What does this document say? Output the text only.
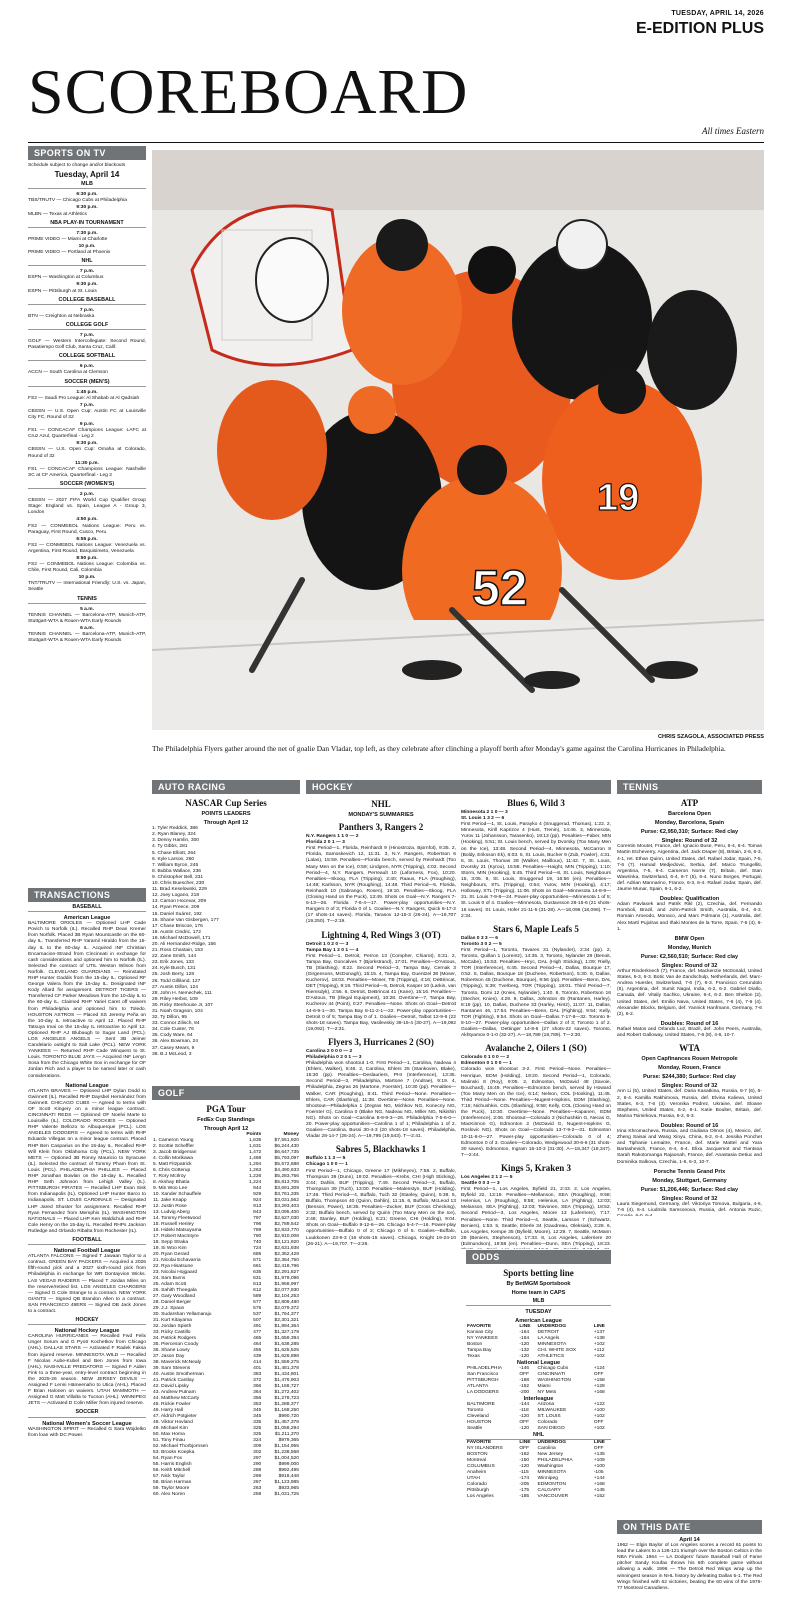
TUESDAY, APRIL 14, 2026
E-EDITION PLUS
SCOREBOARD
All times Eastern
52
19
CHRIS SZAGOLA, ASSOCIATED PRESS
The Philadelphia Flyers gather around the net of goalie Dan Vladar, top left, as they celebrate after clinching a playoff berth after Monday's game against the Carolina Hurricanes in Philadelphia.
SPORTS ON TV
Schedule subject to change and/or blackouts
Tuesday, April 14
MLB
6:30 p.m.
TBS/TRUTV — Chicago Cubs at Philadelphia
9:30 p.m.
MLBN — Texas at Athletics
NBA PLAY-IN TOURNAMENT
7:30 p.m.
PRIME VIDEO — Miami at Charlotte
10 p.m.
PRIME VIDEO — Portland at Phoenix
NHL
7 p.m.
ESPN — Washington at Columbus
9:30 p.m.
ESPN — Pittsburgh at St. Louis
COLLEGE BASEBALL
7 p.m.
BTN — Creighton at Nebraska
COLLEGE GOLF
7 p.m.
GOLF — Western Intercollegiate: Second Round, Pasatiempo Golf Club, Santa Cruz, Calif.
COLLEGE SOFTBALL
6 p.m.
ACCN — South Carolina at Clemson
SOCCER (MEN'S)
1:45 p.m.
FS2 — Saudi Pro League: Al Shabab at Al Qadsiah
7 p.m.
CBSSN — U.S. Open Cup: Austin FC at Louisville City FC, Round of 32
9 p.m.
FS1 — CONCACAF Champions League: LAFC at Cruz Azul, Quarterfinal - Leg 2
9:30 p.m.
CBSSN — U.S. Open Cup: Omaha at Colorado, Round of 32
11:30 p.m.
FS1 — CONCACAF Champions League: Nashville SC at CF America, Quarterfinal - Leg 2
SOCCER (WOMEN'S)
2 p.m.
CBSSN — 2027 FIFA World Cup Qualifier Group Stage: England vs. Spain, League A - Group 3, London
4:50 p.m.
FS2 — CONMEBOL Nations League: Peru vs. Paraguay, First Round, Cusco, Peru
6:55 p.m.
FS2 — CONMEBOL Nations League: Venezuela vs. Argentina, First Round, Barquisimeto, Venezuela
8:50 p.m.
FS2 — CONMEBOL Nations League: Colombia vs. Chile, First Round, Cali, Colombia
10 p.m.
TNT/TRUTV — International Friendly: U.S. vs. Japan, Seattle
TENNIS
5 a.m.
TENNIS CHANNEL — Barcelona-ATP, Munich-ATP, Stuttgart-WTA & Rouen-WTA Early Rounds
6 a.m.
TENNIS CHANNEL — Barcelona-ATP, Munich-ATP, Stuttgart-WTA & Rouen-WTA Early Rounds
TRANSACTIONS
BASEBALL
American League
BALTIMORE ORIOLES — Optioned LHP Cade Povich to Norfolk (IL). Recalled RHP Dean Kremer from Norfolk. Placed 3B Ryan Mountcastle on the 60-day IL. Transferred RHP Yaramil Hiraldo from the 15-day IL to the 60-day IL. Acquired INF Christian Encarnacion-Strand from Cincinnati in exchange for cash considerations and optioned him to Norfolk (IL). Selected the contract of UTIL Weston Wilson from Norfolk. CLEVELAND GUARDIANS — Reinstated RHP Hunter Gaddis from the 15-day IL. Optioned RF George Valera from the 15-day IL. Designated INF Kody Allard for assignment. DETROIT TIGERS — Transferred CF Parker Meadows from the 10-day IL to the 60-day IL. Claimed RHP Yariel Caret off waivers from Philadelphia and optioned him to Toledo. HOUSTON ASTROS — Placed SS Jeremy Peña on the 10-day IL retroactive to April 12. Placed RHP Tatsuya Imai on the 15-day IL retroactive to April 12. Optioned RHP AJ Blubaugh to Sugar Land (PCL). LOS ANGELES ANGELS — Sent 3B Jeimer Candelario outright to Salt Lake (PCL). NEW YORK YANKEES — Returned RHP Cade Winquest to St. Louis. TORONTO BLUE JAYS — Acquired INF Lenyn Sosa from the Chicago White Sox in exchange for OF Jordan Rich and a player to be named later or cash considerations.
National League
ATLANTA BRAVES — Optioned LHP Dylan Dodd to Gwinnett (IL). Recalled RHP Daysbel Hernández from Gwinnett. CHICAGO CUBS — Agreed to terms with OF Scott Kingery on a minor league contract. CINCINNATI REDS — Optioned OF Noelvi Marte to Louisville (IL). COLORADO ROCKIES — Optioned RHP Valente Bellozo to Albuquerque (PCL). LOS ANGELES DODGERS — Agreed to terms with RHP Eduardo Villegas on a minor league contract. Placed RHP Ben Casparius on the 15-day IL. Recalled RHP Will Klein from Oklahoma City (PCL). NEW YORK METS — Optioned 3B Ronny Mauricio to Syracuse (IL). Selected the contract of Tommy Pham from St. Louis (PCL). PHILADELPHIA PHILLIES — Placed RHP Jonathan Bowlan on the 15-day IL. Recalled RHP Seth Johnson from Lehigh Valley (IL). PITTSBURGH PIRATES — Recalled LHP Evan Sisk from Indianapolis (IL). Optioned LHP Hunter Barco to Indianapolis. ST. LOUIS CARDINALS — Designated LHP Jared Shuster for assignment. Recalled RHP Ryan Fernandez from Memphis (IL). WASHINGTON NATIONALS — Placed LHP Ken Waldichuk and RHP Cole Henry on the 15-day IL. Recalled RHPs Jackson Rutledge and Orlando Ribalta from Rochester (IL).
FOOTBALL
National Football League
ATLANTA FALCONS — Signed T Jawaan Taylor to a contract. GREEN BAY PACKERS — Acquired a 2026 fifth-round pick and a 2027 sixth-round pick from Philadelphia in exchange for WR Dontayvion Wicks. LAS VEGAS RAIDERS — Placed T Jordan Miles on the reserve/retired list. LOS ANGELES CHARGERS — Signed G Cole Strange to a contract. NEW YORK GIANTS — Signed QB Brandon Allen to a contract. SAN FRANCISCO 49ERS — Signed DB Jack Jones to a contract.
HOCKEY
National Hockey League
CAROLINA HURRICANES — Recalled Fwd Felix Unger Sorum and G Pyotr Kochetkov from Chicago (AHL). DALLAS STARS — Activated F Radek Faksa from injured reserve. MINNESOTA WILD — Recalled F Nicolas Aube-Kubel and Ben Jones from Iowa (AHL). NASHVILLE PREDATORS — Signed F Aiden Fink to a three-year, entry-level contract beginning in the 2025-26 season. NEW JERSEY DEVILS — Assigned F Lenni Hämeenaho to Utica (AHL). Placed F Brian Halonen on waivers. UTAH MAMMOTH — Assigned G Matt Villalta to Tucson (AHL). WINNIPEG JETS — Activated D Colin Miller from injured reserve.
SOCCER
National Women's Soccer League
WASHINGTON SPIRIT — Recalled G Sara Wojdelko from loan with DC Power.
AUTO RACING
NASCAR Cup Series
POINTS LEADERS
Through April 12
1. Tyler Reddick, 386
2. Ryan Blaney, 324
3. Denny Hamlin, 300
4. Ty Gibbs, 281
5. Chase Elliott, 264
6. Kyle Larson, 260
7. William Byron, 245
8. Bubba Wallace, 236
9. Christopher Bell, 231
10. Chris Buescher, 230
11. Brad Keselowski, 229
12. Joey Logano, 218
13. Carson Hocevar, 209
14. Ryan Preece, 209
15. Daniel Suárez, 192
16. Shane Van Gisbergen, 177
17. Chase Briscoe, 176
18. Austin Cindric, 172
19. Michael McDowell, 171
20. Ali Hernandez-Ridge, 156
21. Ross Chastain, 153
22. Zane Smith, 144
23. Erik Jones, 133
24. Kyle Busch, 131
25. Josh Berry, 128
26. Todd Gilliland, 127
27. Austin Dillon, 124
28. John H. Nemechek, 111
29. Riley Herbst, 109
30. Ricky Stenhouse Jr, 107
31. Noah Gragson, 104
32. Ty Dillon, 95
33. Connor Zilisch, 84
34. Cole Custer, 76
35. Cody Ware, 64
36. Alex Bowman, 24
37. Casey Mears, 9
38. B.J McLeod, 3
GOLF
PGA Tour
FedEx Cup Standings
Through April 12
	Points	Money
1. Cameron Young	1,635	$7,551,920
2. Scottie Scheffler	1,631	$6,244,430
3. Jacob Bridgeman	1,472	$6,647,735
4. Collin Morikawa	1,469	$5,793,097
5. Matt Fitzpatrick	1,294	$5,572,688
6. Chris Gotterup	1,263	$4,490,633
7. Rory McIlroy	1,226	$5,283,756
8. Akshay Bhatia	1,224	$5,813,705
9. Min Woo Lee	944	$3,691,309
10. Xander Schauffele	929	$3,761,335
11. Jake Knapp	924	$3,031,562
12. Justin Rose	913	$3,293,403
13. Ludvig Aberg	843	$3,095,400
14. Tommy Fleetwood	797	$2,627,030
15. Russell Henley	796	$2,789,542
16. Hideki Matsuyama	789	$2,833,770
17. Robert MacIntyre	780	$2,910,008
18. Sepp Straka	740	$3,121,920
19. Si Woo Kim	724	$2,631,938
20. Ryan Gerard	685	$2,352,429
21. Nicolai Echavarria	671	$2,364,750
22. Rya Hisatsune	661	$2,418,796
23. Nicolai Hojgaard	635	$2,291,827
24. Sam Burns	631	$1,979,096
25. Adam Scott	613	$1,958,997
26. Sahith Theegala	612	$2,077,930
27. Gary Woodland	589	$2,104,253
28. Daniel Berger	577	$2,809,480
29. J.J. Spaun	575	$2,079,372
30. Sudarshan Yellamaraju	537	$1,764,377
31. Kurt Kitayama	507	$2,301,321
32. Jordan Spieth	491	$1,894,364
33. Ricky Castillo	477	$1,327,179
34. Patrick Rodgers	465	$1,659,394
35. Pierceson Coody	464	$1,638,285
36. Shane Lowry	455	$1,625,525
37. Jason Day	439	$1,626,898
38. Maverick McNealy	414	$1,559,275
39. Sam Stevens	401	$1,481,378
40. Austin Smotherman	383	$1,434,801
41. Patrick Cantlay	372	$1,476,903
42. David Lipsky	366	$1,168,727
43. Andrew Putnam	364	$1,272,402
44. Matthew McCarty	356	$1,278,723
45. Rickie Fowler	353	$1,288,377
46. Harry Hall	345	$1,168,250
47. Aldrich Potgieter	345	$990,720
48. Viktor Hovland	335	$1,457,378
49. Michael Kim	325	$1,058,294
50. Max Homa	325	$1,211,370
51. Tony Finau	324	$979,365
52. Michael Thorbjornsen	309	$1,154,955
53. Brooks Koepka	302	$1,238,568
54. Ryan Fox	297	$1,004,520
55. Harris English	290	$999,000
56. Keith Mitchell	288	$992,495
57. Nick Taylor	269	$918,448
58. Brian Harman	267	$1,123,985
59. Taylor Moore	263	$933,965
60. Alex Noren	258	$1,031,725
HOCKEY
NHL
MONDAY'S SUMMARIES
Panthers 3, Rangers 2
N.Y. Rangers 1 1 0 — 2
Florida 2 0 1 — 3
First Period—1, Florida, Reinhardt 9 (Hinostroza, Bjornfot), 9:35. 2, Florida, Samoskevich 12, 11:31. 3, N.Y. Rangers, Robertson 6 (Lalas), 15:59. Penalties—Florida bench, served by Reinhardt (Too Many Men on the Ice), 0:59; Lindgren, NYR (Tripping), 4:02. Second Period—4, N.Y. Rangers, Perreault 10 (Laforness, Fox), 10:20. Penalties—Skoog, FLA (Tripping), 2:40; Raaus, FLA (Roughing), 14:48; Karlsson, NYR (Roughing), 14:48. Third Period—5, Florida, Reinhardt 10 (Sabrango, Rosen), 19:10. Penalties—Skoog, FLA (Closing Hand on the Puck), 13:49. Shots on Goal—N.Y. Rangers 7-6-13—26. Florida 7-6-4—17. Power-play opportunities—N.Y. Rangers 0 of 3; Florida 0 of 1. Goalies—N.Y. Rangers, Quick 6-17-2 (17 shots-14 saves). Florida, Tarasov 12-15-3 (26-24). A—19,707 (19,250). T—2:19.
Lightning 4, Red Wings 3 (OT)
Detroit 1 0 2 0 — 3
Tampa Bay 1 2 0 1 — 4
First Period—1, Detroit, Perron 13 (Compher, Chiarot), 5:31. 2, Tampa Bay, Goncalves 7 (Bjorkstrand), 17:01. Penalties—D'Astous, TB (Slashing), 8:22. Second Period—3, Tampa Bay, Cernak 3 (Girgensons, McDonagh), 15:15. 4, Tampa Bay, Guentzel 38 (Moser, Kucherov), 18:03. Penalties—Moser, TB (Tripping), 4:16; DeBrincat, DET (Tripping), 9:19. Third Period—5, Detroit, Kasper 10 (Larkin, van Riemsdyk), 2:56. 6, Detroit, DeBrincat 41 (Kane), 15:16. Penalties—D'Astous, TB (Illegal Equipment), 10:28. Overtime—7, Tampa Bay, Kucherov 44 (Point), 0:27. Penalties—None. Shots on Goal—Detroit 14-6-9-1—30. Tampa Bay 8-11-2-1—22. Power-play opportunities—Detroit 0 of 5; Tampa Bay 0 of 1. Goalies—Detroit, Talbot 12-9-6 (22 shots-18 saves). Tampa Bay, Vasilevskiy 39-15-4 (30-27). A—19,092 (19,092). T—2:31.
Flyers 3, Hurricanes 2 (SO)
Carolina 2 0 0 0 — 2
Philadelphia 0 2 0 1 — 3
Philadelphia won shootout 1-0. First Period—1, Carolina, Nadeau 4 (Ehlers, Walker), 8:46. 2, Carolina, Ehlers 25 (Stankoven, Blake), 15:30 (pp). Penalties—Deslauriers, PHI (Interference), 13:35. Second Period—3, Philadelphia, Martone 7 (Andrae), 9:19. 4, Philadelphia, Zegras 26 (Martone, Foerster), 10:30 (pp). Penalties—Walker, CAR (Roughing), 8:41. Third Period—None. Penalties—Ehlers, CAR (Slashing), 11:38. Overtime—None. Penalties—None. Shootout—Philadelphia 1 (Zegras NG, Michkov NG, Konecny NG, Foerster G), Carolina 0 (Blake NG, Nadeau NG, Miller NG, Nikishin NG). Shots on Goal—Carolina 8-8-9-3—26. Philadelphia 7-5-6-0—20. Power-play opportunities—Carolina 1 of 1; Philadelphia 1 of 2. Goalies—Carolina, Bussi 30-4-3 (20 shots-18 saves). Philadelphia, Vladar 28-14-7 (26-24). A—19,795 (19,543). T—2:41.
Sabres 5, Blackhawks 1
Buffalo 1 1 3 — 5
Chicago 1 0 0 — 1
First Period—1, Chicago, Greene 17 (Mikheyev), 7:58. 2, Buffalo, Thompson 39 (Dunn), 19:02. Penalties—Krebs, CHI (High Sticking), 3:44; Dahlin, BUF (Tripping), 7:49. Second Period—3, Buffalo, Thompson 39 (Tuch), 13:00. Penalties—Malenstyn, BUF (Holding), 17:48. Third Period—4, Buffalo, Tuch 32 (Stanley, Quinn), 5:38. 5, Buffalo, Thompson 40 (Quinn, Dahlin), 11:15. 6, Buffalo, McLeod 13 (Benson, Power), 18:35. Penalties—Zucker, BUF (Cross Checking), 2:32; Buffalo bench, served by Quinn (Too Many Men on the Ice), 2:49; Stanley, BUF (Holding), 6:21; Greene, CHI (Holding), 9:04. Shots on Goal—Buffalo 9-12-6—26. Chicago 5-4-7—16. Power-play opportunities—Buffalo 0 of 2; Chicago 0 of 5. Goalies—Buffalo, Luukkonen 23-9-3 (16 shots-15 saves). Chicago, Knight 19-24-10 (26-21). A—19,707. T—2:26.
Blues 6, Wild 3
Minnesota 2 1 0 — 3
St. Louis 1 3 2 — 6
First Period—1, St. Louis, Parayko 4 (Snuggerud, Thomas), 1:22. 2, Minnesota, Kirill Kaprizov 4 (Hunt, Trenin), 14:46. 3, Minnesota, Yurov 11 (Johansson, Tarasenko), 19:13 (pp). Penalties—Faber, MIN (Hooking), 5:51; St. Louis bench, served by Dvorsky (Too Many Men on the Ice), 13:48. Second Period—4, Minnesota, McCarron 8 (Boldy, Eriksson Ek), 6:03. 5, St. Louis, Bucher 9 (Zub, Fowler), 4:31. 6, St. Louis, Thomas 28 (Walker, Mailloux), 11:42. 7, St. Louis, Dvorsky 21 (Kyrou), 15:58. Penalties—Haight, MIN (Tripping), 1:10; Storm, MIN (Hooking), 5:45. Third Period—8, St. Louis, Neighbours 15, 3:05. 9, St. Louis, Snuggerud 19, 16:56 (en). Penalties—Neighbours, STL (Tripping), 0:54; Yurov, MIN (Hooking), 4:17; Holloway, STL (Tripping), 11:06. Shots on Goal—Minnesota 14-8-9—31. St. Louis 7-9-8—24. Power-play opportunities—Minnesota 1 of 5; St. Louis 0 of 4. Goalies—Minnesota, Gustavsson 28-15-6 (21 shots-16 saves). St. Louis, Hofer 21-11-5 (31-28). A—18,096 (18,096). T—2:34.
Stars 6, Maple Leafs 5
Dallas 0 3 3 — 6
Toronto 3 0 2 — 5
First Period—1, Toronto, Tavares 31 (Nylander), 2:34 (pp). 2, Toronto, Quillan 1 (Lorentz), 14:35. 3, Toronto, Nylander 29 (Benoit, McCabe), 15:53. Penalties—Hryc, DAL (High Sticking), 1:09; Rielly, TOR (Interference), 6:45. Second Period—4, Dallas, Bourque 17, 0:52. 5, Dallas, Bourque 18 (Duchene, Robertson), 5:30. 6, Dallas, Robertson 45 (Duchene, Bourque), 9:56 (pp). Penalties—Benn, DAL (Tripping), 5:39; Tverberg, TOR (Tripping), 18:01. Third Period—7, Toronto, Domi 12 (Knies, Nylander), 1:40. 8, Toronto, Robertson 16 (Stecher, Knies), 4:29. 9, Dallas, Johnston 45 (Rantanen, Harley), 8:18 (pp). 10, Dallas, Duchene 33 (Harley, Hintz), 11:07. 11, Dallas, Rantanen 46, 17:54. Penalties—Benn, DAL (Fighting), 9:54; Kelly, TOR (Fighting), 9:54. Shots on Goal—Dallas 7-17-8—32. Toronto 9-8-10—27. Power-play opportunities—Dallas 2 of 3; Toronto 1 of 2. Goalies—Dallas, Oettinger 14-8-6 (27 shots-22 saves). Toronto, Akhtyamov 0-1-0 (32-27). A—18,789 (18,789). T—2:30.
Avalanche 2, Oilers 1 (SO)
Colorado 0 1 0 0 — 2
Edmonton 0 1 0 0 — 1
Colorado won shootout 3-2. First Period—None. Penalties—Henrique, EDM (Holding), 19:20. Second Period—1, Colorado, Malinski 8 (Roy), 9:05. 2, Edmonton, McDavid 48 (Savoie, Bouchard), 15:49. Penalties—Edmonton bench, served by Howard (Too Many Men on the Ice), 6:14; Nelson, COL (Hooking), 11:45. Third Period—None. Penalties—Nugent-Hopkins, EDM (Slashing), 7:15; Nichushkin, COL (Slashing), 9:58; Kelly, COL (Closing Hand on the Puck), 10:30. Overtime—None. Penalties—Kapanen, EDM (Interference), 2:06. Shootout—Colorado 3 (Nichushkin G, Necas G, MacKinnon G), Edmonton 2 (McDavid G, Nugent-Hopkins G, Roslovic NG). Shots on Goal—Colorado 13-7-9-2—31. Edmonton 10-11-6-0—27. Power-play opportunities—Colorado 0 of 4; Edmonton 0 of 3. Goalies—Colorado, Wedgewood 30-6-6 (31 shots-30 saves). Edmonton, Ingram 15-10-3 (31-30). A—18,347 (18,347). T—2:44.
Kings 5, Kraken 3
Los Angeles 2 1 2 — 5
Seattle 0 0 3 — 3
First Period—1, Los Angeles, Byfield 21, 2:43. 2, Los Angeles, Byfield 22, 13:19. Penalties—Mellanson, SEA (Roughing), 9:58; Helenius, LA (Roughing), 9:58; Helenius, LA (Fighting), 12:03; Melanson, SEA (Fighting), 12:03; Toivonen, SEA (Tripping), 18:52. Second Period—3, Los Angeles, Moore 13 (Laferriere), 7:17. Penalties—None. Third Period—4, Seattle, Larsson 7 (Schwartz, Beniers), 1:53. 5, Seattle, Eberle 34 (Gaudreau, Oleksiak), 3:28. 6, Los Angeles, Kempe 35 (Byfield, Moore), 12:29. 7, Seattle, McMann 29 (Beniers, Stephenson), 17:33. 8, Los Angeles, Laferriere 20 (Edmundson), 19:58 (en). Penalties—Dunn, SEA (Tripping), 18:23.
ODDS
Sports betting line
By BetMGM Sportsbook
Home team in CAPS
MLB
TUESDAY
American League
FAVORITE	LINE	UNDERDOG	LINE
Kansas City	-164	DETROIT	+137
NY YANKEES	-164	LA Angels	+138
Boston	-120	MINNESOTA	+102
Tampa Bay	-132	CHI. WHITE SOX	+112
Texas	-120	ATHLETICS	+102
National League			
PHILADELPHIA	-146	Chicago Cubs	+124
San Francisco	OFF	CINCINNATI	OFF
PITTSBURGH	-188	WASHINGTON	+158
ATLANTA	-152	Miami	+128
LA DODGERS	-200	NY Mets	+168
Interleague			
BALTIMORE	-144	Arizona	+122
Toronto	-118	MILWAUKEE	+100
Cleveland	-120	ST. LOUIS	+102
HOUSTON	OFF	Colorado	OFF
Seattle	-120	SAN DIEGO	+102
NHL			
FAVORITE	LINE	UNDERDOG	LINE
NY ISLANDERS	OFF	Carolina	OFF
BOSTON	-162	New Jersey	+135
Montreal	-150	PHILADELPHIA	+109
COLUMBUS	-120	Washington	+100
Anaheim	-115	MINNESOTA	-105
UTAH	-174	Winnipeg	+144
Colorado	-205	EDMONTON	+168
Pittsburgh	-175	CALGARY	+145
Los Angeles	-185	VANCOUVER	+152
TENNIS
ATP
Barcelona Open
Monday, Barcelona, Spain
Purse: €2,950,310; Surface: Red clay
Singles: Round of 32
Corentin Moutet, France, def. Ignacio Buse, Peru, 6-4, 6-4. Tomas Martin Etcheverry, Argentina, def. Jack Draper (8), Britain, 2-6, 6-3, 4-1, ret. Ethan Quinn, United States, def. Rafael Jodar, Spain, 7-5, 7-6 (7). Hamad Medjedovic, Serbia, def. Marco Trungelliti, Argentina, 7-5, 6-4. Cameron Norrie (7), Britain, def. Stan Wawrinka, Switzerland, 6-4, 6-7 (5), 6-4. Nuno Borges, Portugal, def. Adrian Mannarino, France, 6-3, 6-4. Rafael Jodar, Spain, def. Jaume Munar, Spain, 6-1, 6-2.
Doubles: Qualification
Adam Pavlasek and Patrik Rikl (2), Czechia, def. Fernando Romboli, Brazil, and John-Patrick Smith, Australia, 6-4, 6-3. Romain Arneodo, Monaco, and Marc Polmans (1), Australia, def. Alex Martí Pujolras and Iñaki Montes de la Torre, Spain, 7-6 (4), 6-1.
BMW Open
Monday, Munich
Purse: €2,560,510; Surface: Red clay
Singles: Round of 32
Arthur Rinderknech (7), France, def. Mackenzie McDonald, United States, 6-3, 6-3. Botic Van de Zandschulp, Netherlands, def. Marc-Andrea Huesler, Switzerland, 7-6 (7), 6-3. Francisco Cerundolo (5), Argentina, def. Sumit Nagal, India, 6-2, 6-2. Gabriel Diallo, Canada, def. Vitaliy Sachko, Ukraine, 6-4, 6-2. Ben Shelton (2), United States, def. Emilio Nava, United States, 7-6 (4), 7-6 (4). Alexander Blockx, Belgium, def. Yannick Hanfmann, Germany, 7-6 (2), 6-2.
Doubles: Round of 16
Rafael Matos and Orlando Luz, Brazil, def. John Peers, Australia, and Robert Galloway, United States, 7-6 (8), 4-6, 10-7.
WTA
Open Capfinances Rouen Metropole
Monday, Rouen, France
Purse: $244,380; Surface: Red clay
Singles: Round of 32
Ann Li (5), United States, def. Daria Kasatkina, Russia, 6-7 (6), 6-2, 6-4. Kamilla Rakhimova, Russia, def. Elvina Kalieva, United States, 6-3, 7-6 (3). Veronika Podrez, Ukraine, def. Sloane Stephens, United States, 6-2, 6-1. Katie Boulter, Britain, def. Marina Tsimirkova, Russia, 6-2, 6-3.
Doubles: Round of 16
Irina Khromacheva, Russia, and Giuliana Olmos (4), Mexico, def. Zheng Saisai and Wang Xinyu, China, 6-2, 6-4. Jessika Ponchet and Tiphanie Lemaitre, France, def. Marie Mattel and Yara Bartashevich, France, 6-4, 6-4. Elixa Jacquemot and Tiantsoa Sarah Rakotomanga Rajaonah, France, def. Anastasia Detiuc and Dominika Salkova, Czechia, 1-6, 6-3, 10-7.
Porsche Tennis Grand Prix
Monday, Stuttgart, Germany
Purse: $1,206,446; Surface: Red clay
Singles: Round of 32
Laura Siegemund, Germany, def. Viktoriya Tomova, Bulgaria, 4-6, 7-6 (4), 6-4. Liudmila Samsonova, Russia, def. Antonia Ruzic,
ON THIS DATE
April 14
1962 — Elgin Baylor of Los Angeles scores a record 61 points to lead the Lakers to a 126-121 triumph over the Boston Celtics in the NBA Finals. 1964 — LA Dodgers' future Baseball Hall of Fame pitcher Sandy Koufax throws his 6th complete game without allowing a walk. 1996 — The Detroit Red Wings wrap up the winningest season in NHL history by defeating Dallas 5-1. The Red Wings finished with 62 victories, beating the 60 wins of the 1976-77 Montreal Canadiens.
